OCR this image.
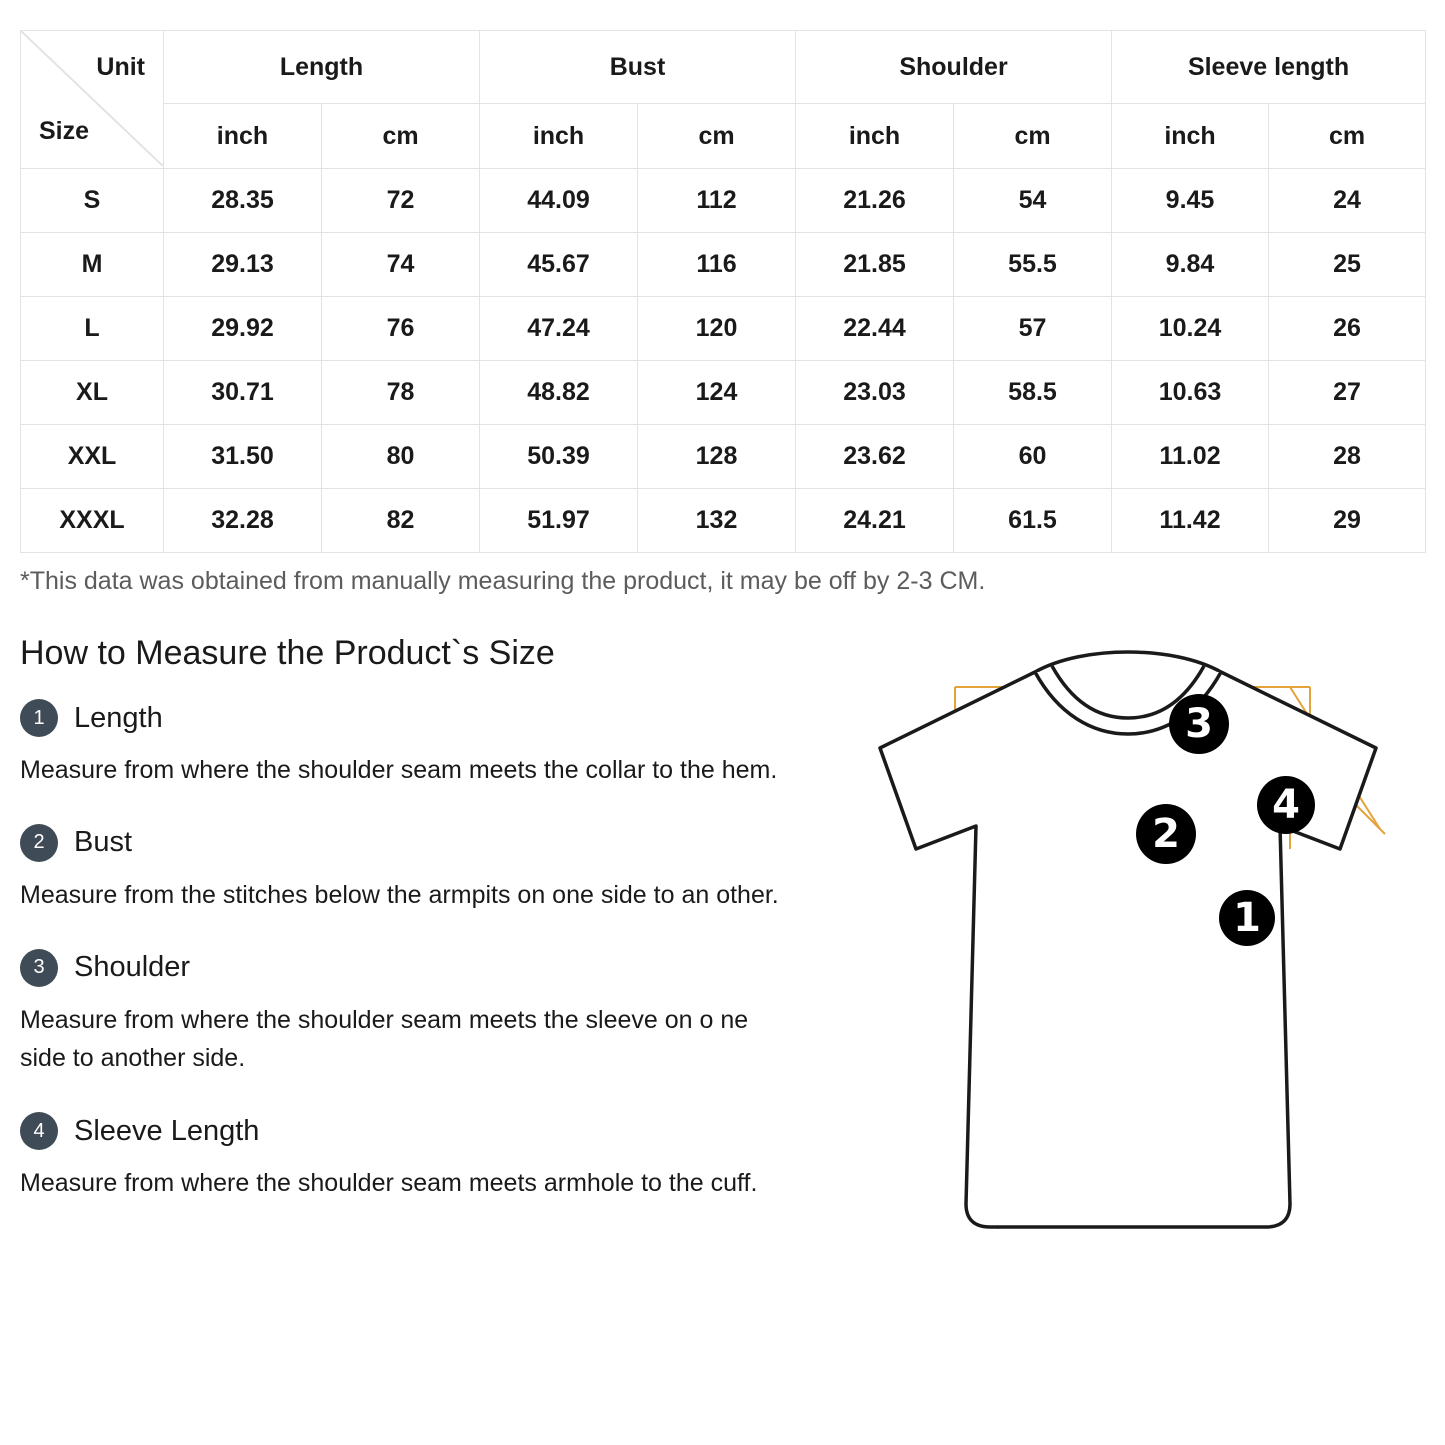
Unit
Size	Length		Bust		Shoulder		Sleeve length	
	inch	cm	inch	cm	inch	cm	inch	cm
S	28.35	72	44.09	112	21.26	54	9.45	24
M	29.13	74	45.67	116	21.85	55.5	9.84	25
L	29.92	76	47.24	120	22.44	57	10.24	26
XL	30.71	78	48.82	124	23.03	58.5	10.63	27
XXL	31.50	80	50.39	128	23.62	60	11.02	28
XXXL	32.28	82	51.97	132	24.21	61.5	11.42	29
*This data was obtained from manually measuring the product, it may be off by 2-3 CM.
How to Measure the Product`s Size
1	Length
Measure from where the shoulder seam meets the collar to the hem.
2	Bust
Measure from the stitches below the armpits on one side to an other.
3	Shoulder
Measure from where the shoulder seam meets the sleeve on o ne side to another side.
4	Sleeve Length
Measure from where the shoulder seam meets armhole to the cuff.
1
2
3
4
